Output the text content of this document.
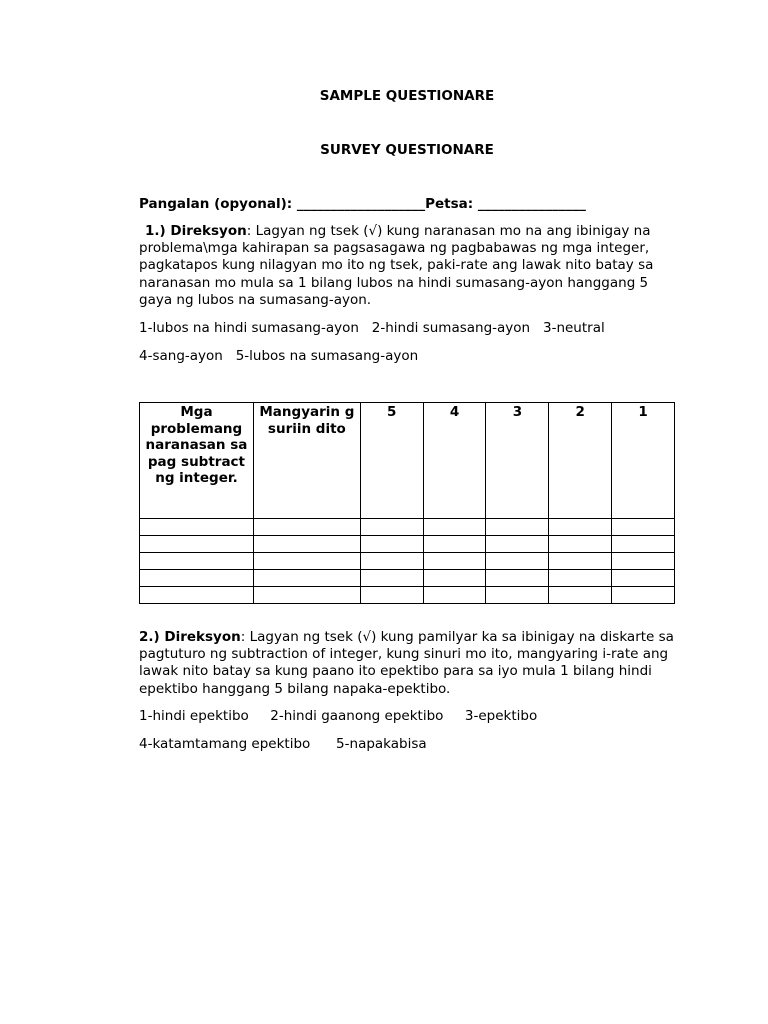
SAMPLE QUESTIONARE
SURVEY QUESTIONARE
Pangalan (opyonal): ___________________Petsa: ________________
1.) Direksyon: Lagyan ng tsek (√) kung naranasan mo na ang ibinigay na problema\mga kahirapan sa pagsasagawa ng pagbabawas ng mga integer, pagkatapos kung nilagyan mo ito ng tsek, paki-rate ang lawak nito batay sa naranasan mo mula sa 1 bilang lubos na hindi sumasang-ayon hanggang 5 gaya ng lubos na sumasang-ayon.
1-lubos na hindi sumasang-ayon   2-hindi sumasang-ayon   3-neutral
4-sang-ayon   5-lubos na sumasang-ayon
Mga problemang naranasan sa pag subtract ng integer.	Mangyarin g suriin dito	5	4	3	2	1

2.) Direksyon: Lagyan ng tsek (√) kung pamilyar ka sa ibinigay na diskarte sa pagtuturo ng subtraction of integer, kung sinuri mo ito, mangyaring i-rate ang lawak nito batay sa kung paano ito epektibo para sa iyo mula 1 bilang hindi epektibo hanggang 5 bilang napaka-epektibo.
1-hindi epektibo     2-hindi gaanong epektibo     3-epektibo
4-katamtamang epektibo      5-napakabisa
